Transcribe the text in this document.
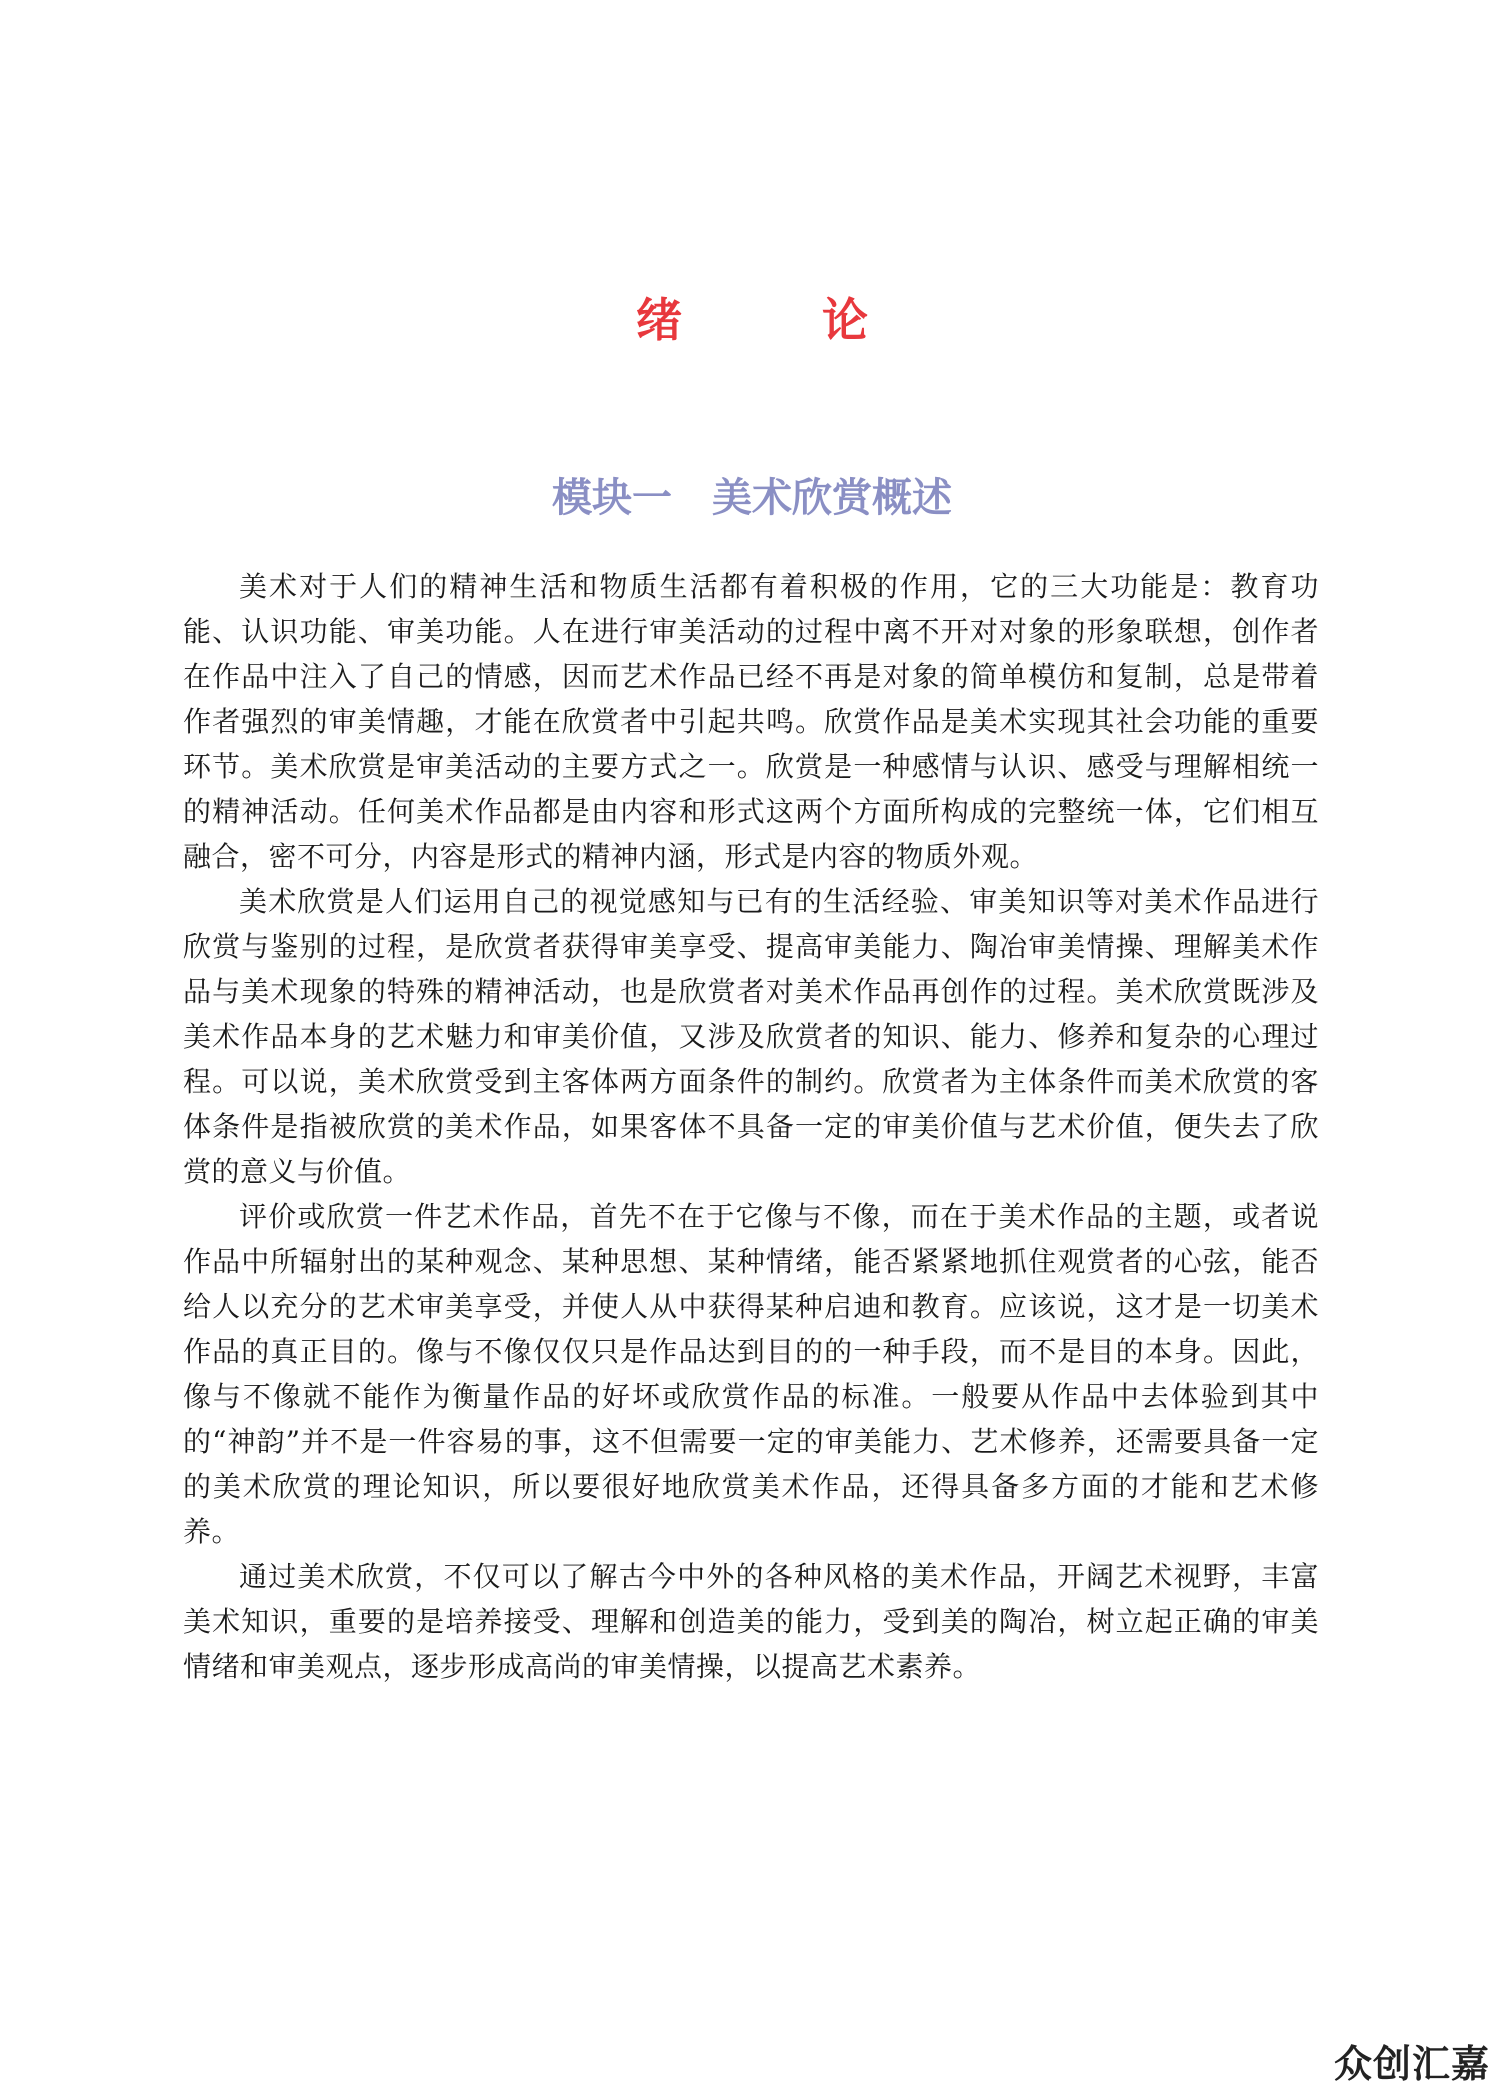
绪论
模块一　美术欣赏概述

美术对于人们的精神生活和物质生活都有着积极的作用，它的三大功能是：教育功能、认识功能、审美功能。人在进行审美活动的过程中离不开对对象的形象联想，创作者在作品中注入了自己的情感，因而艺术作品已经不再是对象的简单模仿和复制，总是带着作者强烈的审美情趣，才能在欣赏者中引起共鸣。欣赏作品是美术实现其社会功能的重要环节。美术欣赏是审美活动的主要方式之一。欣赏是一种感情与认识、感受与理解相统一的精神活动。任何美术作品都是由内容和形式这两个方面所构成的完整统一体，它们相互融合，密不可分，内容是形式的精神内涵，形式是内容的物质外观。

美术欣赏是人们运用自己的视觉感知与已有的生活经验、审美知识等对美术作品进行欣赏与鉴别的过程，是欣赏者获得审美享受、提高审美能力、陶冶审美情操、理解美术作品与美术现象的特殊的精神活动，也是欣赏者对美术作品再创作的过程。美术欣赏既涉及美术作品本身的艺术魅力和审美价值，又涉及欣赏者的知识、能力、修养和复杂的心理过程。可以说，美术欣赏受到主客体两方面条件的制约。欣赏者为主体条件而美术欣赏的客体条件是指被欣赏的美术作品，如果客体不具备一定的审美价值与艺术价值，便失去了欣赏的意义与价值。

评价或欣赏一件艺术作品，首先不在于它像与不像，而在于美术作品的主题，或者说作品中所辐射出的某种观念、某种思想、某种情绪，能否紧紧地抓住观赏者的心弦，能否给人以充分的艺术审美享受，并使人从中获得某种启迪和教育。应该说，这才是一切美术作品的真正目的。像与不像仅仅只是作品达到目的的一种手段，而不是目的本身。因此，像与不像就不能作为衡量作品的好坏或欣赏作品的标准。一般要从作品中去体验到其中的“神韵”并不是一件容易的事，这不但需要一定的审美能力、艺术修养，还需要具备一定的美术欣赏的理论知识，所以要很好地欣赏美术作品，还得具备多方面的才能和艺术修养。

通过美术欣赏，不仅可以了解古今中外的各种风格的美术作品，开阔艺术视野，丰富美术知识，重要的是培养接受、理解和创造美的能力，受到美的陶冶，树立起正确的审美情绪和审美观点，逐步形成高尚的审美情操，以提高艺术素养。

众创汇嘉
